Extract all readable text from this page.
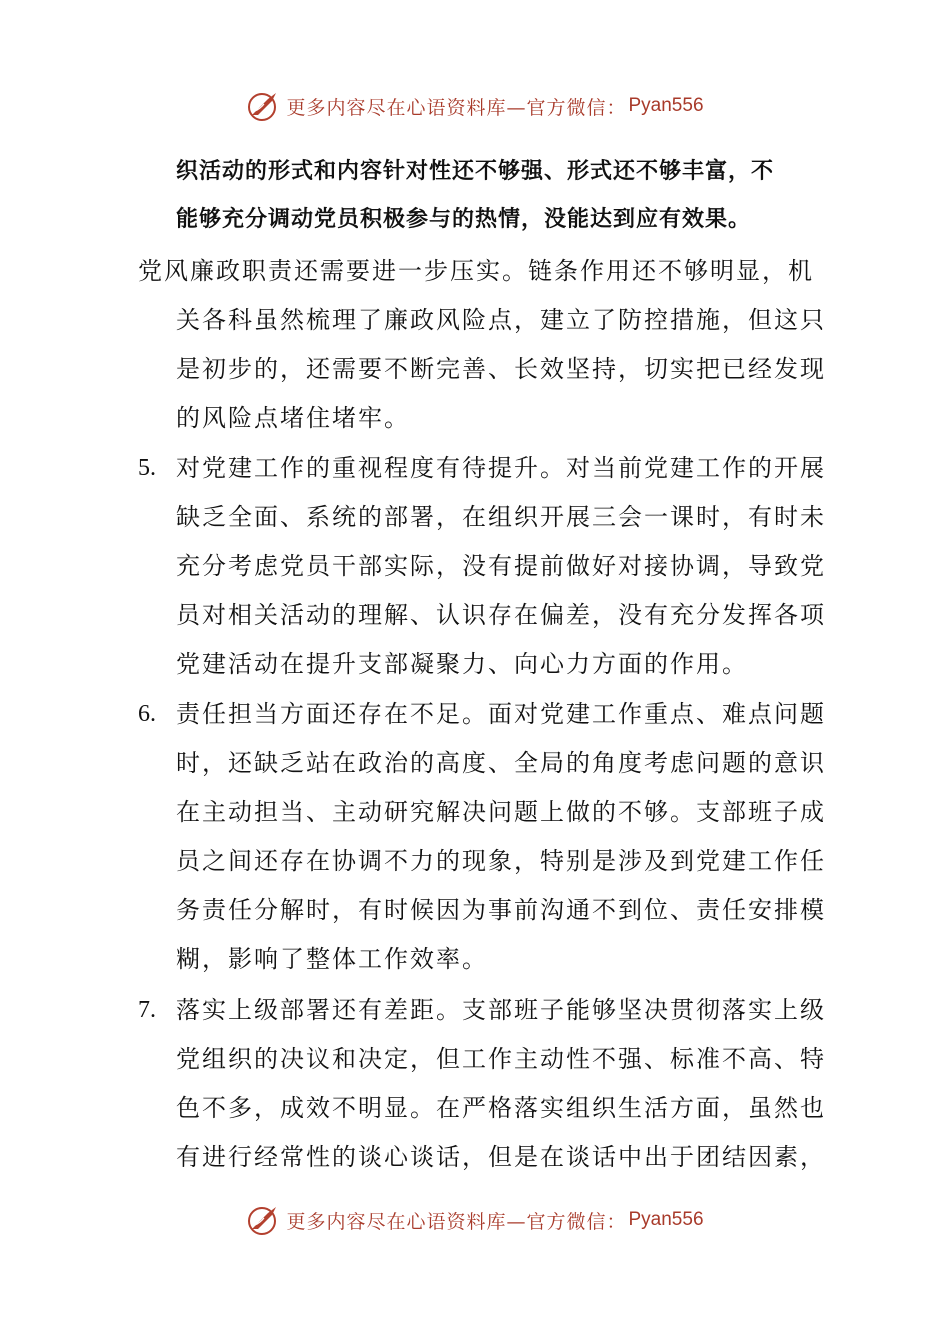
更多内容尽在心语资料库—官方微信： Pyan556
织活动的形式和内容针对性还不够强、形式还不够丰富，不
能够充分调动党员积极参与的热情，没能达到应有效果。
党风廉政职责还需要进一步压实。链条作用还不够明显，机
关各科虽然梳理了廉政风险点，建立了防控措施，但这只
是初步的，还需要不断完善、长效坚持，切实把已经发现
的风险点堵住堵牢。
5. 对党建工作的重视程度有待提升。对当前党建工作的开展
缺乏全面、系统的部署，在组织开展三会一课时，有时未
充分考虑党员干部实际，没有提前做好对接协调，导致党
员对相关活动的理解、认识存在偏差，没有充分发挥各项
党建活动在提升支部凝聚力、向心力方面的作用。
6. 责任担当方面还存在不足。面对党建工作重点、难点问题
时，还缺乏站在政治的高度、全局的角度考虑问题的意识
在主动担当、主动研究解决问题上做的不够。支部班子成
员之间还存在协调不力的现象，特别是涉及到党建工作任
务责任分解时，有时候因为事前沟通不到位、责任安排模
糊，影响了整体工作效率。
7. 落实上级部署还有差距。支部班子能够坚决贯彻落实上级
党组织的决议和决定，但工作主动性不强、标准不高、特
色不多，成效不明显。在严格落实组织生活方面，虽然也
有进行经常性的谈心谈话，但是在谈话中出于团结因素，
更多内容尽在心语资料库—官方微信： Pyan556
